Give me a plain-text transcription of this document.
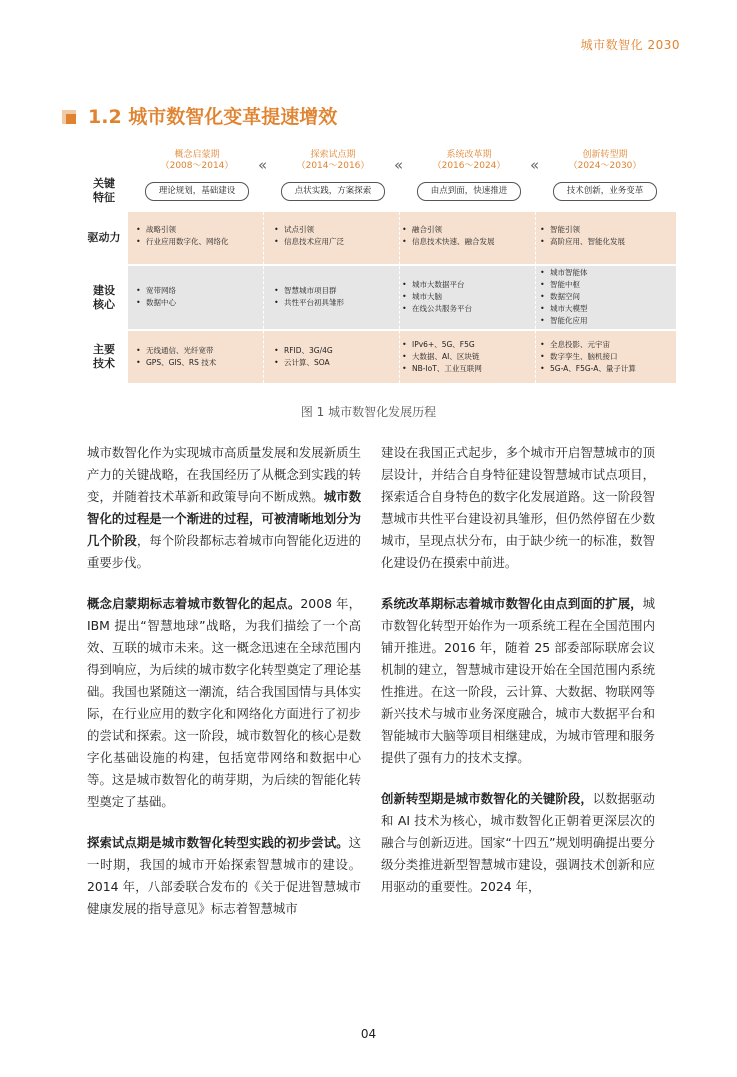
城市数智化 2030
1.2 城市数智化变革提速增效
关键
特征
驱动力
建设
核心
主要
技术
概念启蒙期
（2008～2014）
理论规划，基础建设
探索试点期
（2014～2016）
点状实践，方案探索
系统改革期
（2016～2024）
由点到面，快速推进
创新转型期
（2024～2030）
技术创新，业务变革
«	«	«
• 战略引领
• 行业应用数字化、网络化
• 试点引领
• 信息技术应用广泛
• 融合引领
• 信息技术快速、融合发展
• 智能引领
• 高阶应用、智能化发展
• 宽带网络
• 数据中心
• 智慧城市项目群
• 共性平台初具雏形
• 城市大数据平台
• 城市大脑
• 在线公共服务平台
• 城市智能体
• 智能中枢
• 数据空间
• 城市大模型
• 智能化应用
• 无线通信、光纤宽带
• GPS、GIS、RS 技术
• RFID、3G/4G
• 云计算、SOA
• IPv6+、5G、F5G
• 大数据、AI、区块链
• NB-IoT、工业互联网
• 全息投影、元宇宙
• 数字孪生、脑机接口
• 5G-A、F5G-A、量子计算
图 1 城市数智化发展历程

城市数智化作为实现城市高质量发展和发展新质生产力的关键战略，在我国经历了从概念到实践的转变，并随着技术革新和政策导向不断成熟。城市数智化的过程是一个渐进的过程，可被清晰地划分为几个阶段，每个阶段都标志着城市向智能化迈进的重要步伐。

概念启蒙期标志着城市数智化的起点。2008 年，IBM 提出“智慧地球”战略，为我们描绘了一个高效、互联的城市未来。这一概念迅速在全球范围内得到响应，为后续的城市数字化转型奠定了理论基础。我国也紧随这一潮流，结合我国国情与具体实际，在行业应用的数字化和网络化方面进行了初步的尝试和探索。这一阶段，城市数智化的核心是数字化基础设施的构建，包括宽带网络和数据中心等。这是城市数智化的萌芽期，为后续的智能化转型奠定了基础。

探索试点期是城市数智化转型实践的初步尝试。这一时期，我国的城市开始探索智慧城市的建设。2014 年，八部委联合发布的《关于促进智慧城市健康发展的指导意见》标志着智慧城市

建设在我国正式起步，多个城市开启智慧城市的顶层设计，并结合自身特征建设智慧城市试点项目，探索适合自身特色的数字化发展道路。这一阶段智慧城市共性平台建设初具雏形，但仍然停留在少数城市，呈现点状分布，由于缺少统一的标准，数智化建设仍在摸索中前进。

系统改革期标志着城市数智化由点到面的扩展，城市数智化转型开始作为一项系统工程在全国范围内铺开推进。2016 年，随着 25 部委部际联席会议机制的建立，智慧城市建设开始在全国范围内系统性推进。在这一阶段，云计算、大数据、物联网等新兴技术与城市业务深度融合，城市大数据平台和智能城市大脑等项目相继建成，为城市管理和服务提供了强有力的技术支撑。

创新转型期是城市数智化的关键阶段，以数据驱动和 AI 技术为核心，城市数智化正朝着更深层次的融合与创新迈进。国家“十四五”规划明确提出要分级分类推进新型智慧城市建设，强调技术创新和应用驱动的重要性。2024 年，

04
